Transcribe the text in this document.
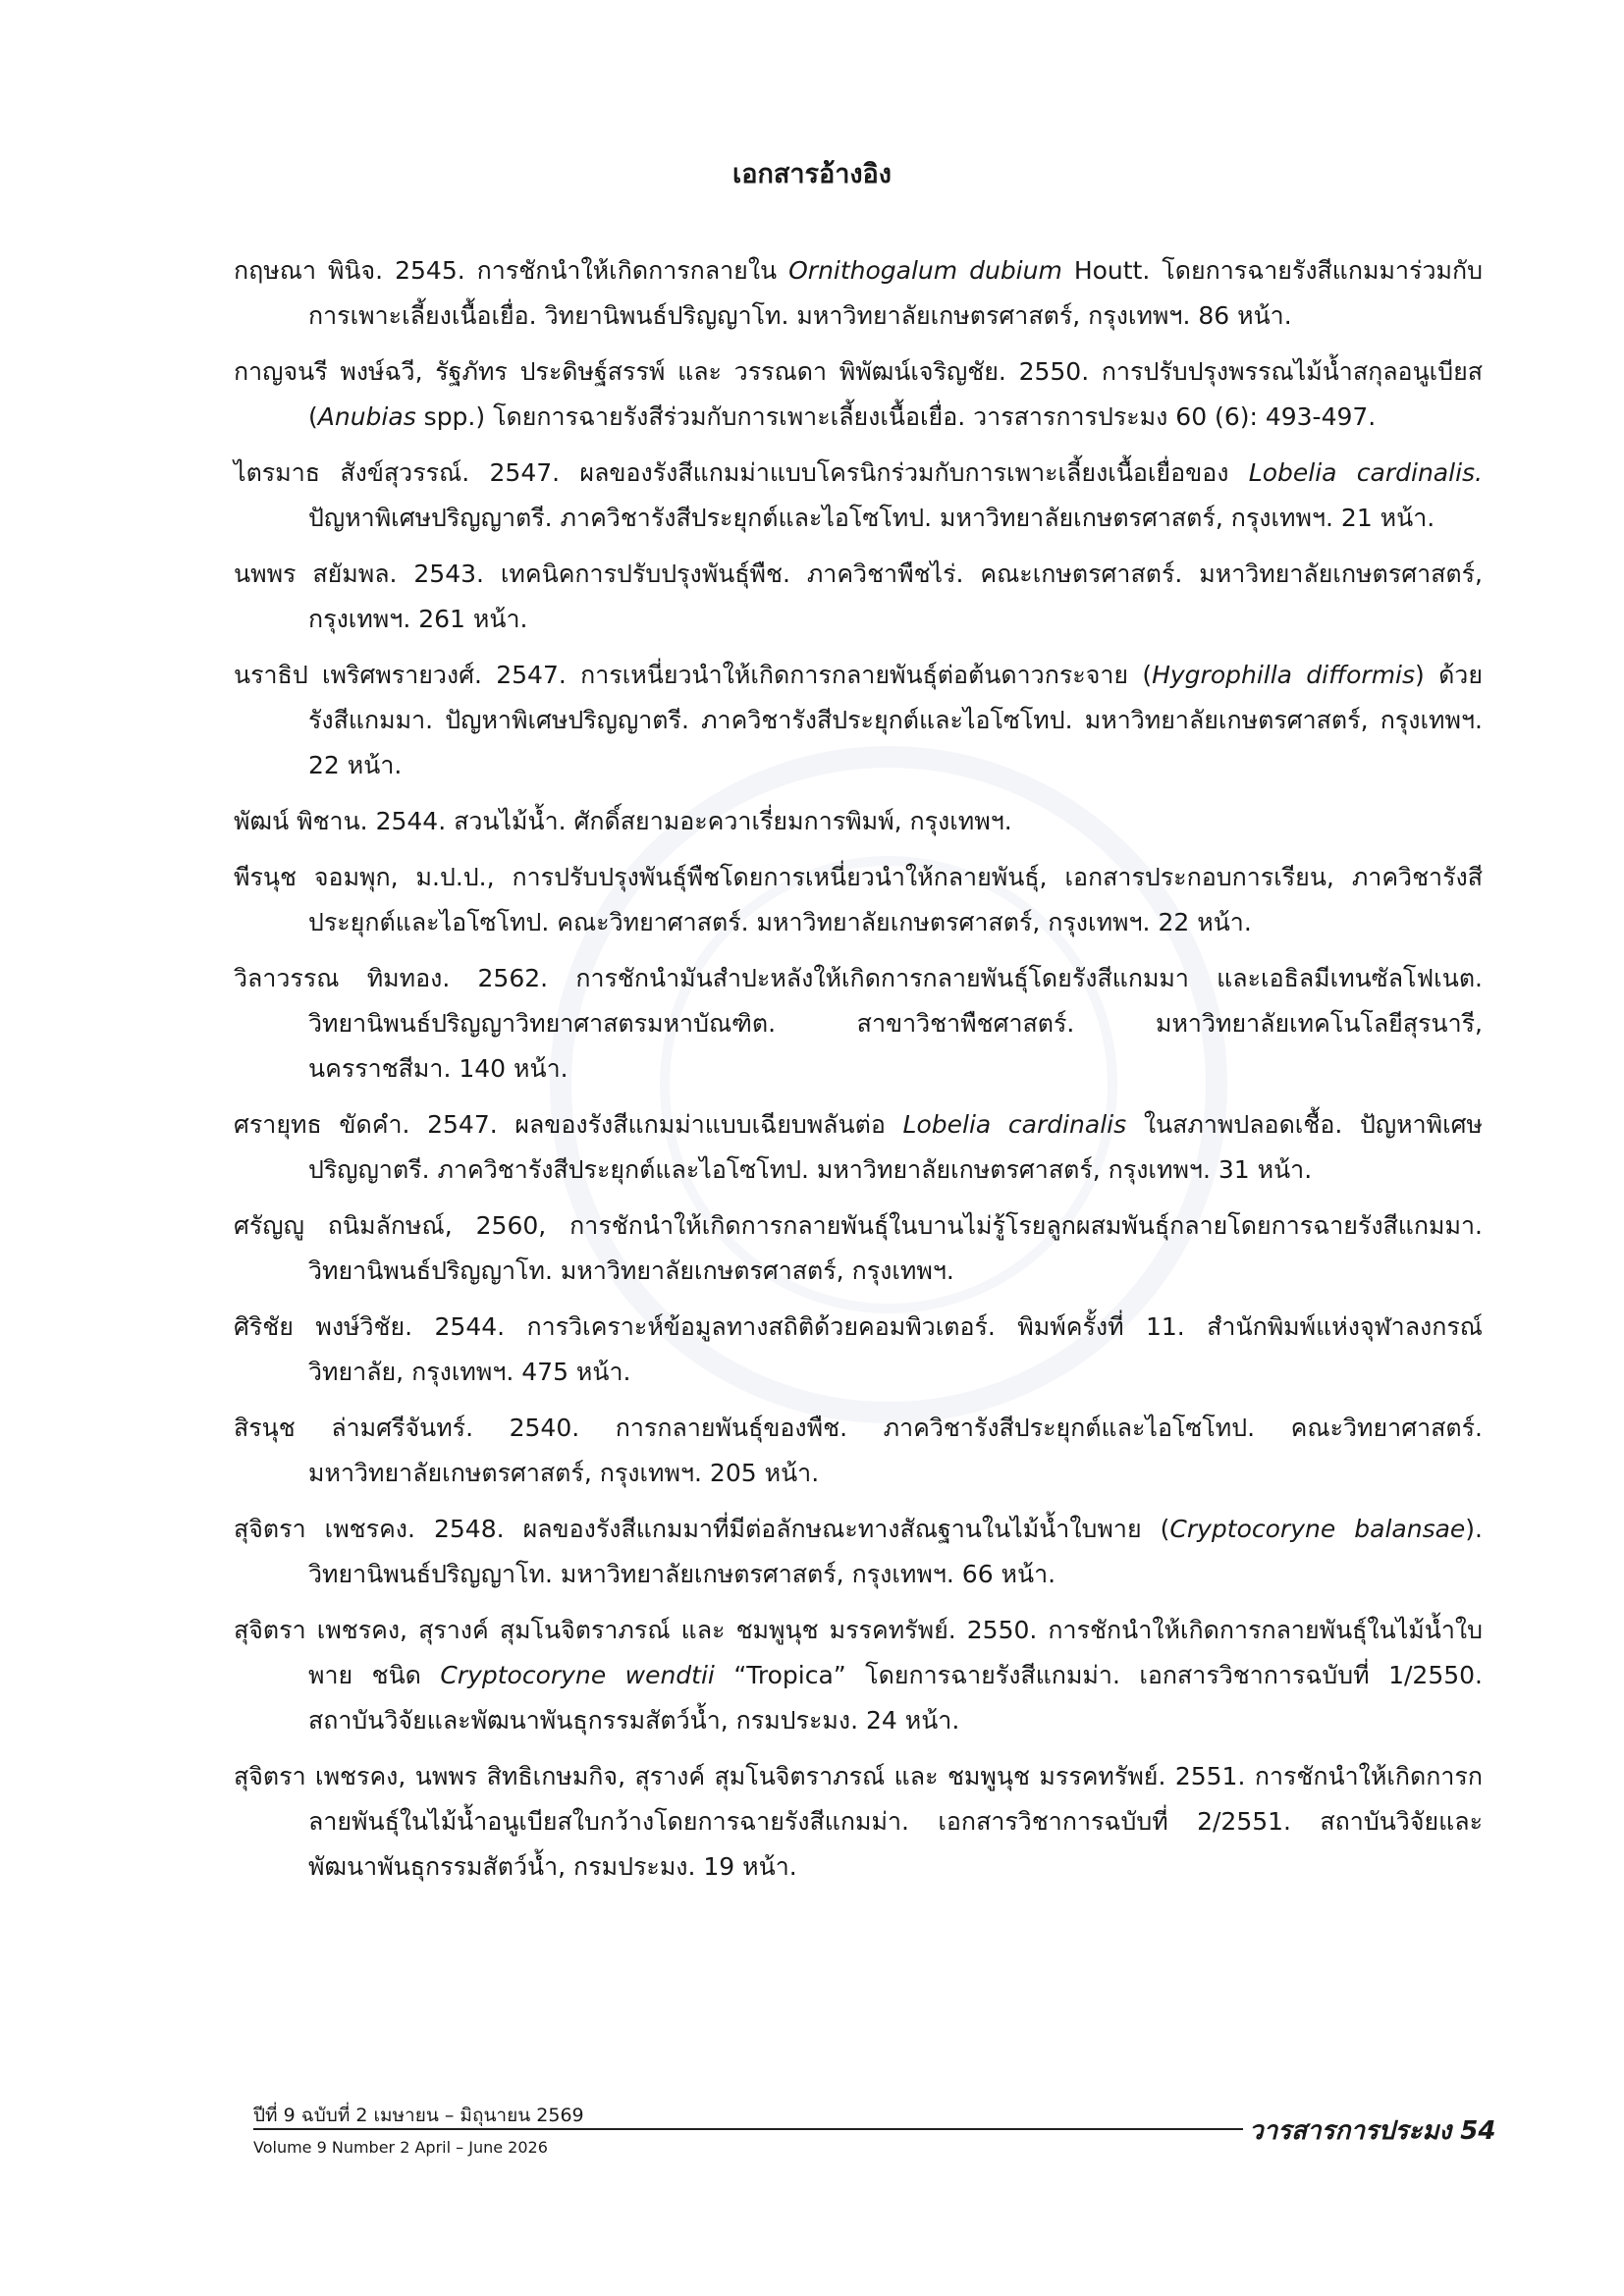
เอกสารอ้างอิง

กฤษณา พินิจ. 2545. การชักนำให้เกิดการกลายใน Ornithogalum dubium Houtt. โดยการฉายรังสีแกมมาร่วมกับการเพาะเลี้ยงเนื้อเยื่อ. วิทยานิพนธ์ปริญญาโท. มหาวิทยาลัยเกษตรศาสตร์, กรุงเทพฯ. 86 หน้า.

กาญจนรี พงษ์ฉวี, รัฐภัทร ประดิษฐ์สรรพ์ และ วรรณดา พิพัฒน์เจริญชัย. 2550. การปรับปรุงพรรณไม้น้ำสกุลอนูเบียส (Anubias spp.) โดยการฉายรังสีร่วมกับการเพาะเลี้ยงเนื้อเยื่อ. วารสารการประมง 60 (6): 493-497.

ไตรมาธ สังข์สุวรรณ์. 2547. ผลของรังสีแกมม่าแบบโครนิกร่วมกับการเพาะเลี้ยงเนื้อเยื่อของ Lobelia cardinalis. ปัญหาพิเศษปริญญาตรี. ภาควิชารังสีประยุกต์และไอโซโทป. มหาวิทยาลัยเกษตรศาสตร์, กรุงเทพฯ. 21 หน้า.

นพพร สยัมพล. 2543. เทคนิคการปรับปรุงพันธุ์พืช. ภาควิชาพืชไร่. คณะเกษตรศาสตร์. มหาวิทยาลัยเกษตรศาสตร์, กรุงเทพฯ. 261 หน้า.

นราธิป เพริศพรายวงศ์. 2547. การเหนี่ยวนำให้เกิดการกลายพันธุ์ต่อต้นดาวกระจาย (Hygrophilla difformis) ด้วยรังสีแกมมา. ปัญหาพิเศษปริญญาตรี. ภาควิชารังสีประยุกต์และไอโซโทป. มหาวิทยาลัยเกษตรศาสตร์, กรุงเทพฯ. 22 หน้า.

พัฒน์ พิชาน. 2544. สวนไม้น้ำ. ศักดิ์สยามอะควาเรี่ยมการพิมพ์, กรุงเทพฯ.

พีรนุช จอมพุก, ม.ป.ป., การปรับปรุงพันธุ์พืชโดยการเหนี่ยวนำให้กลายพันธุ์, เอกสารประกอบการเรียน, ภาควิชารังสีประยุกต์และไอโซโทป. คณะวิทยาศาสตร์. มหาวิทยาลัยเกษตรศาสตร์, กรุงเทพฯ. 22 หน้า.

วิลาวรรณ ทิมทอง. 2562. การชักนำมันสำปะหลังให้เกิดการกลายพันธุ์โดยรังสีแกมมา และเอธิลมีเทนซัลโฟเนต. วิทยานิพนธ์ปริญญาวิทยาศาสตรมหาบัณฑิต. สาขาวิชาพืชศาสตร์. มหาวิทยาลัยเทคโนโลยีสุรนารี, นครราชสีมา. 140 หน้า.

ศรายุทธ ขัดคำ. 2547. ผลของรังสีแกมม่าแบบเฉียบพลันต่อ Lobelia cardinalis ในสภาพปลอดเชื้อ. ปัญหาพิเศษปริญญาตรี. ภาควิชารังสีประยุกต์และไอโซโทป. มหาวิทยาลัยเกษตรศาสตร์, กรุงเทพฯ. 31 หน้า.

ศรัญญู ถนิมลักษณ์, 2560, การชักนำให้เกิดการกลายพันธุ์ในบานไม่รู้โรยลูกผสมพันธุ์กลายโดยการฉายรังสีแกมมา. วิทยานิพนธ์ปริญญาโท. มหาวิทยาลัยเกษตรศาสตร์, กรุงเทพฯ.

ศิริชัย พงษ์วิชัย. 2544. การวิเคราะห์ข้อมูลทางสถิติด้วยคอมพิวเตอร์. พิมพ์ครั้งที่ 11. สำนักพิมพ์แห่งจุฬาลงกรณ์วิทยาลัย, กรุงเทพฯ. 475 หน้า.

สิรนุช ล่ามศรีจันทร์. 2540. การกลายพันธุ์ของพืช. ภาควิชารังสีประยุกต์และไอโซโทป. คณะวิทยาศาสตร์. มหาวิทยาลัยเกษตรศาสตร์, กรุงเทพฯ. 205 หน้า.

สุจิตรา เพชรคง. 2548. ผลของรังสีแกมมาที่มีต่อลักษณะทางสัณฐานในไม้น้ำใบพาย (Cryptocoryne balansae). วิทยานิพนธ์ปริญญาโท. มหาวิทยาลัยเกษตรศาสตร์, กรุงเทพฯ. 66 หน้า.

สุจิตรา เพชรคง, สุรางค์ สุมโนจิตราภรณ์ และ ชมพูนุช มรรคทรัพย์. 2550. การชักนำให้เกิดการกลายพันธุ์ในไม้น้ำใบพาย ชนิด Cryptocoryne wendtii “Tropica” โดยการฉายรังสีแกมม่า. เอกสารวิชาการฉบับที่ 1/2550. สถาบันวิจัยและพัฒนาพันธุกรรมสัตว์น้ำ, กรมประมง. 24 หน้า.

สุจิตรา เพชรคง, นพพร สิทธิเกษมกิจ, สุรางค์ สุมโนจิตราภรณ์ และ ชมพูนุช มรรคทรัพย์. 2551. การชักนำให้เกิดการกลายพันธุ์ในไม้น้ำอนูเบียสใบกว้างโดยการฉายรังสีแกมม่า. เอกสารวิชาการฉบับที่ 2/2551. สถาบันวิจัยและพัฒนาพันธุกรรมสัตว์น้ำ, กรมประมง. 19 หน้า.

ปีที่ 9 ฉบับที่ 2 เมษายน – มิถุนายน 2569

Volume 9 Number 2 April – June 2026

วารสารการประมง 54
